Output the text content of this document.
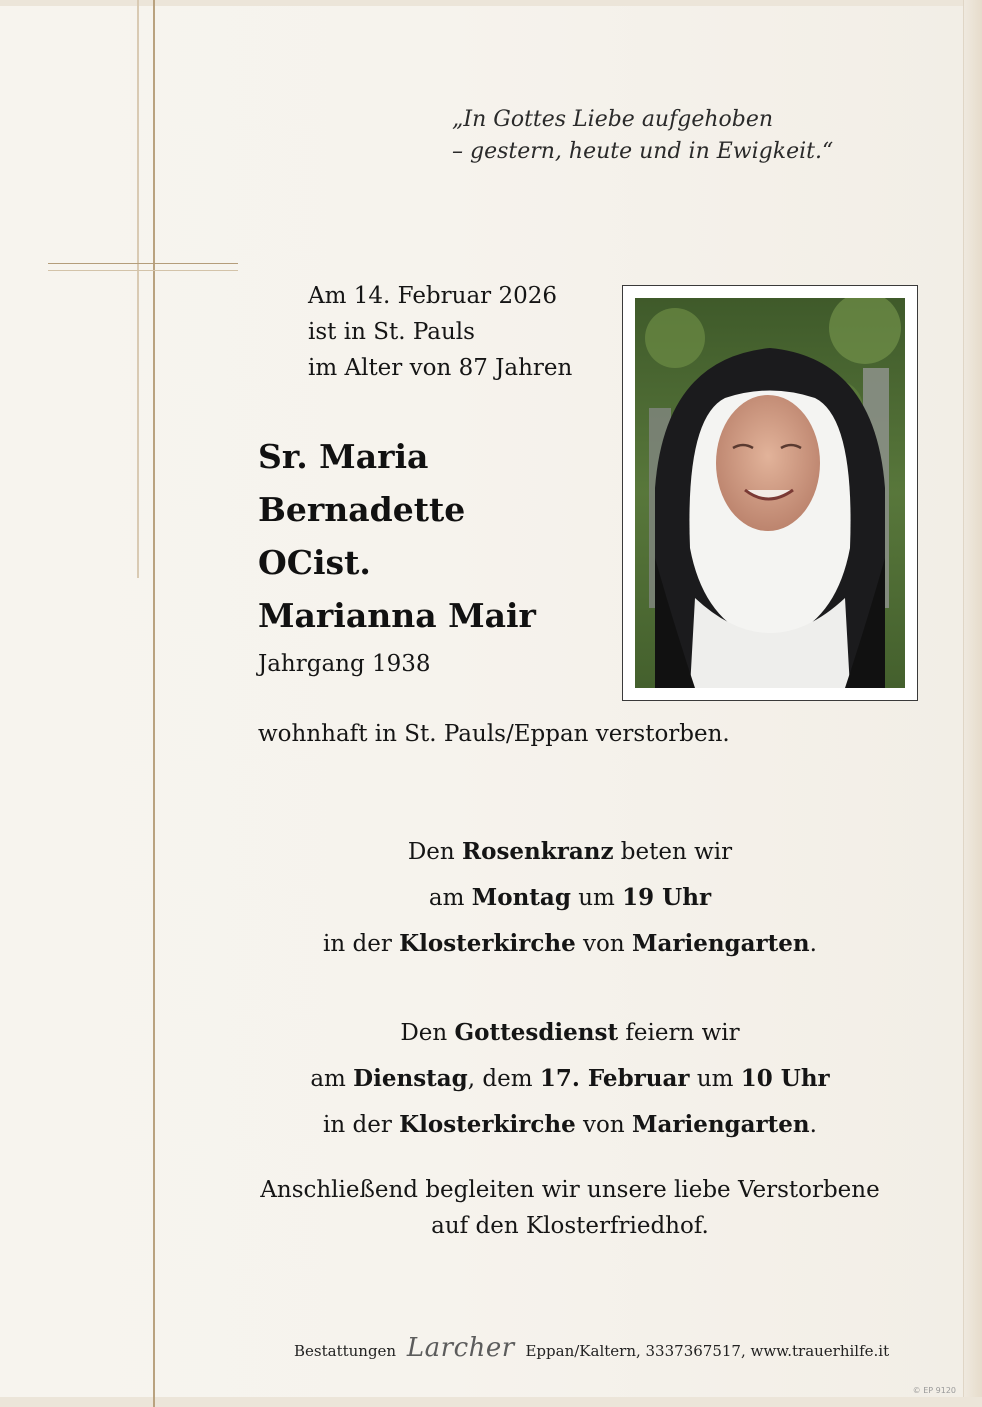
„In Gottes Liebe aufgehoben
– gestern, heute und in Ewigkeit.“
Am 14. Februar 2026
ist in St. Pauls
im Alter von 87 Jahren
Sr. Maria
Bernadette
OCist.
Marianna Mair
Jahrgang 1938
wohnhaft in St. Pauls/Eppan verstorben.
Den Rosenkranz beten wir
am Montag um 19 Uhr
in der Klosterkirche von Mariengarten.
Den Gottesdienst feiern wir
am Dienstag, dem 17. Februar um 10 Uhr
in der Klosterkirche von Mariengarten.
Anschließend begleiten wir unsere liebe Verstorbene
auf den Klosterfriedhof.
Bestattungen Larcher Eppan/Kaltern, 3337367517, www.trauerhilfe.it
© EP 9120
